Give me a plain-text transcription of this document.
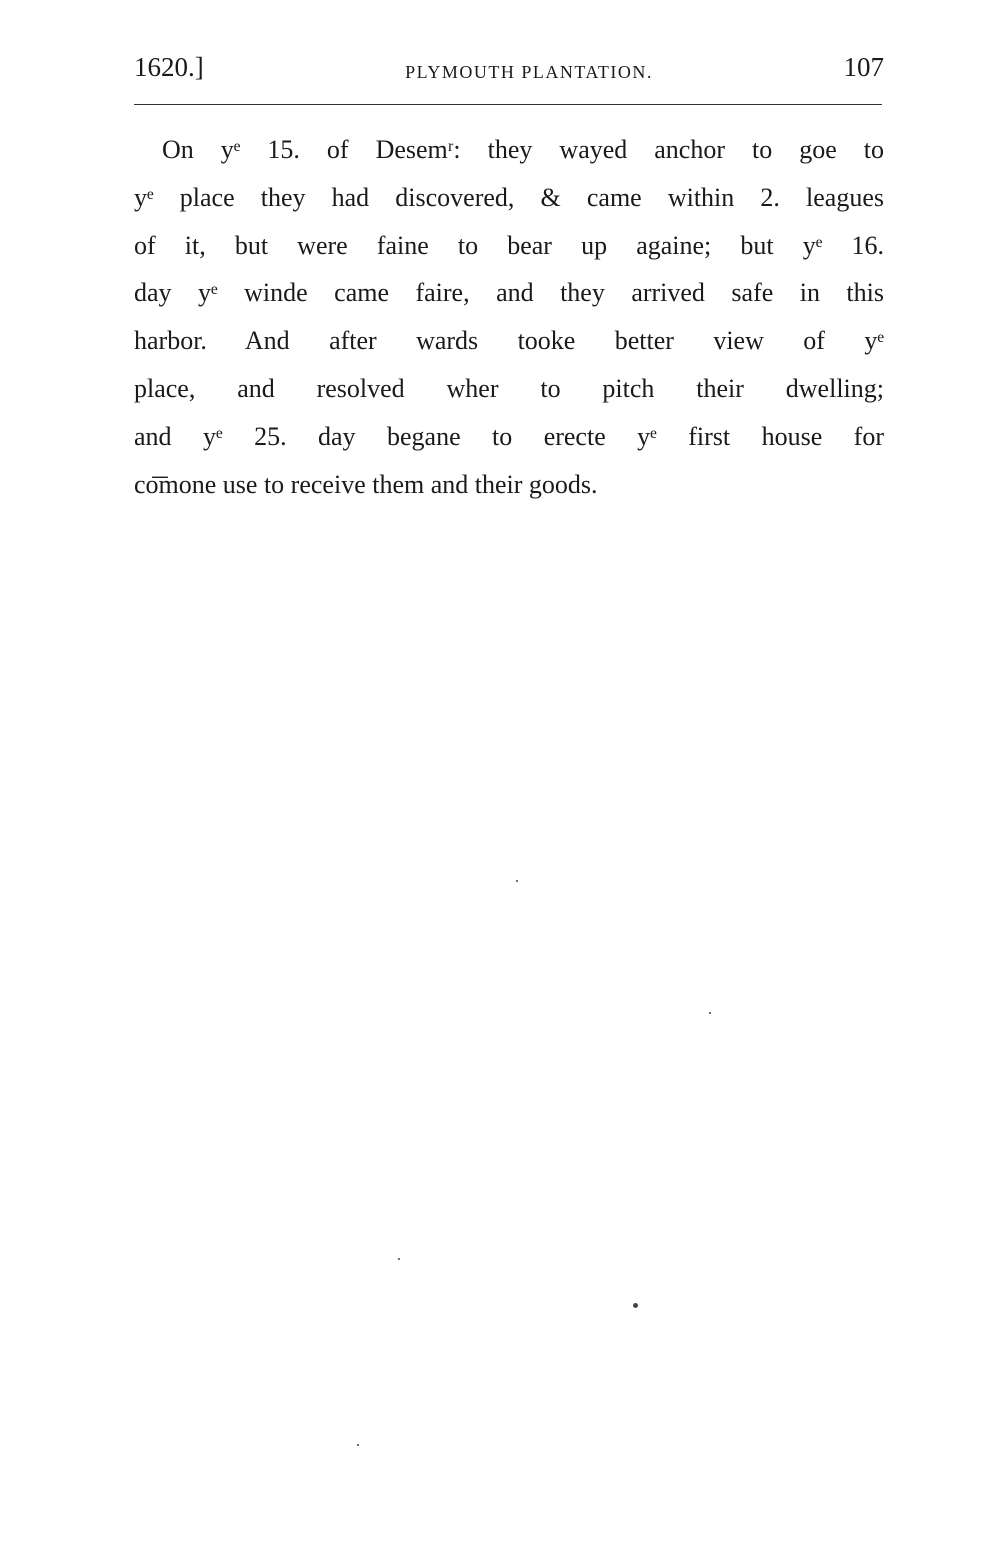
1620.]	PLYMOUTH PLANTATION.	107
On yᵉ 15. of Desemʳ: they wayed anchor to goe to
yᵉ place they had discovered, & came within 2. leagues
of it, but were faine to bear up againe; but yᵉ 16.
day yᵉ winde came faire, and they arrived safe in this
harbor. And after wards tooke better view of yᵉ
place, and resolved wher to pitch their dwelling;
and yᵉ 25. day begane to erecte yᵉ first house for
co͞mone use to receive them and their goods.
